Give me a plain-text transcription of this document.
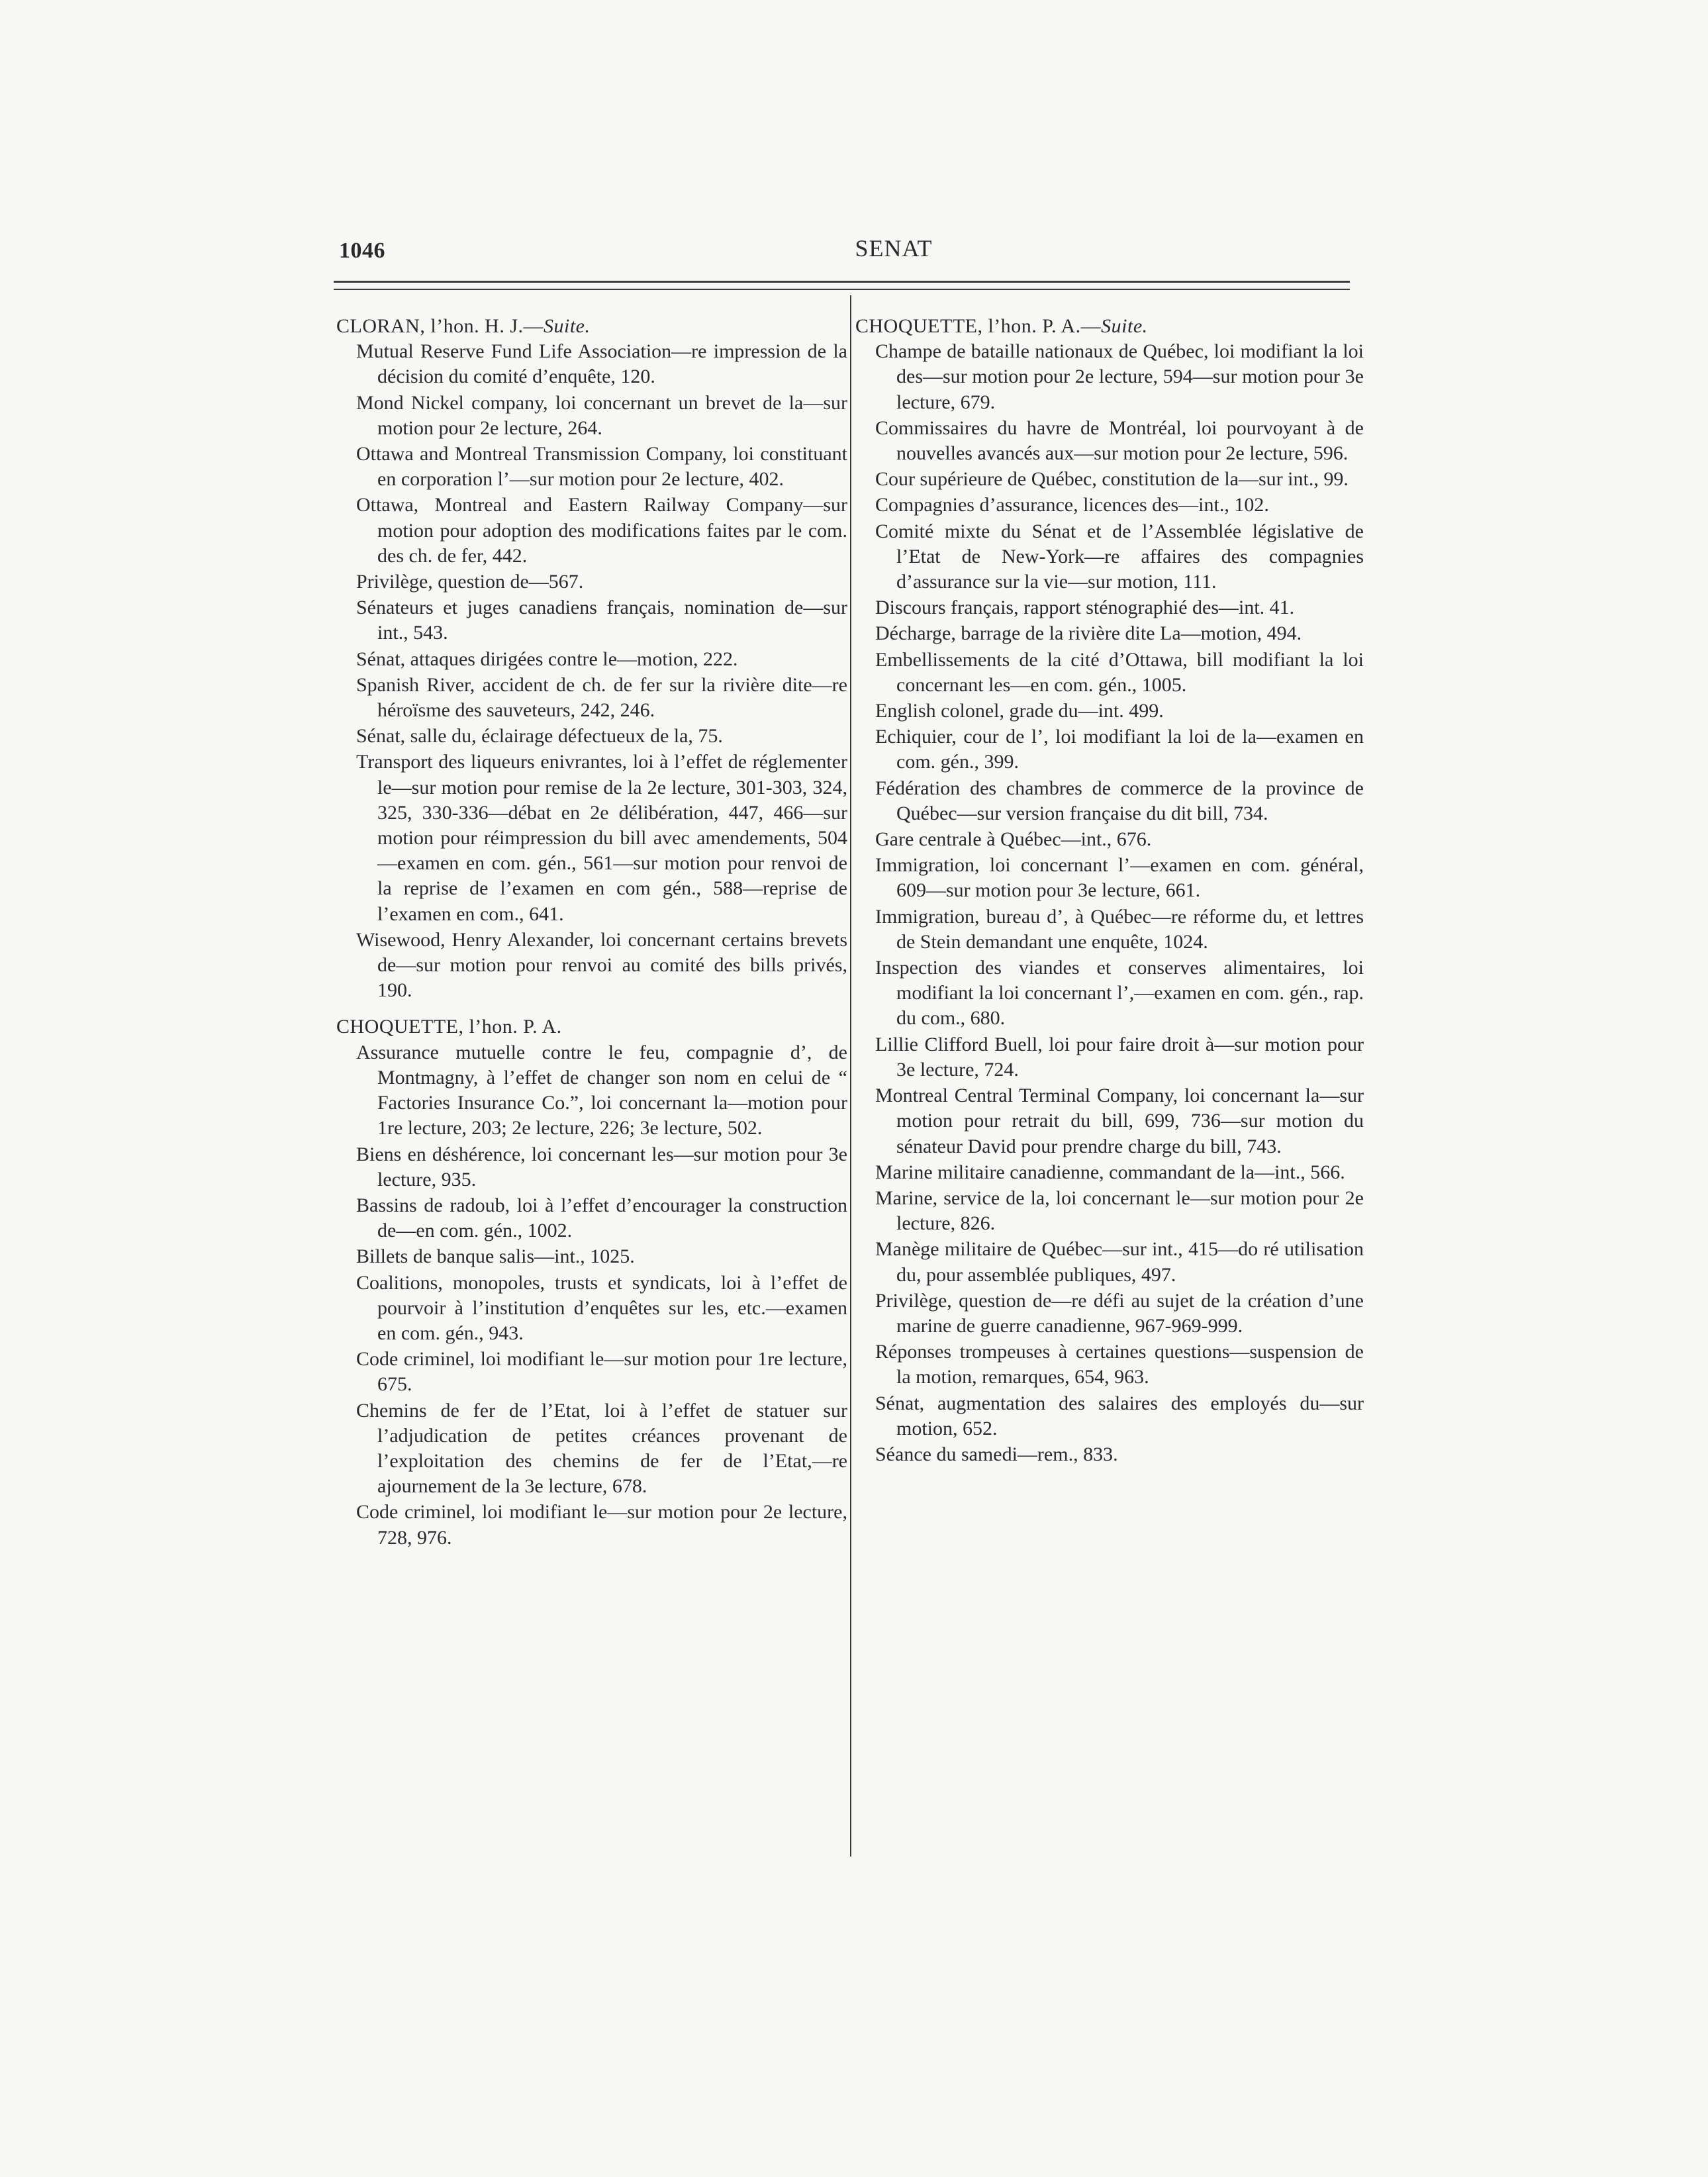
1046	SENAT

CLORAN, l’hon. H. J.—Suite.

Mutual Reserve Fund Life Association—re impression de la décision du comité d’enquête, 120.

Mond Nickel company, loi concernant un brevet de la—sur motion pour 2e lecture, 264.

Ottawa and Montreal Transmission Company, loi constituant en corporation l’—sur motion pour 2e lecture, 402.

Ottawa, Montreal and Eastern Railway Company—sur motion pour adoption des modifications faites par le com. des ch. de fer, 442.

Privilège, question de—567.

Sénateurs et juges canadiens français, nomination de—sur int., 543.

Sénat, attaques dirigées contre le—motion, 222.

Spanish River, accident de ch. de fer sur la rivière dite—re héroïsme des sauveteurs, 242, 246.

Sénat, salle du, éclairage défectueux de la, 75.

Transport des liqueurs enivrantes, loi à l’effet de réglementer le—sur motion pour remise de la 2e lecture, 301-303, 324, 325, 330-336—débat en 2e délibération, 447, 466—sur motion pour réimpression du bill avec amendements, 504—examen en com. gén., 561—sur motion pour renvoi de la reprise de l’examen en com gén., 588—reprise de l’examen en com., 641.

Wisewood, Henry Alexander, loi concernant certains brevets de—sur motion pour renvoi au comité des bills privés, 190.

CHOQUETTE, l’hon. P. A.

Assurance mutuelle contre le feu, compagnie d’, de Montmagny, à l’effet de changer son nom en celui de “ Factories Insurance Co.”, loi concernant la—motion pour 1re lecture, 203; 2e lecture, 226; 3e lecture, 502.

Biens en déshérence, loi concernant les—sur motion pour 3e lecture, 935.

Bassins de radoub, loi à l’effet d’encourager la construction de—en com. gén., 1002.

Billets de banque salis—int., 1025.

Coalitions, monopoles, trusts et syndicats, loi à l’effet de pourvoir à l’institution d’enquêtes sur les, etc.—examen en com. gén., 943.

Code criminel, loi modifiant le—sur motion pour 1re lecture, 675.

Chemins de fer de l’Etat, loi à l’effet de statuer sur l’adjudication de petites créances provenant de l’exploitation des chemins de fer de l’Etat,—re ajournement de la 3e lecture, 678.

Code criminel, loi modifiant le—sur motion pour 2e lecture, 728, 976.

CHOQUETTE, l’hon. P. A.—Suite.

Champe de bataille nationaux de Québec, loi modifiant la loi des—sur motion pour 2e lecture, 594—sur motion pour 3e lecture, 679.

Commissaires du havre de Montréal, loi pourvoyant à de nouvelles avancés aux—sur motion pour 2e lecture, 596.

Cour supérieure de Québec, constitution de la—sur int., 99.

Compagnies d’assurance, licences des—int., 102.

Comité mixte du Sénat et de l’Assemblée législative de l’Etat de New-York—re affaires des compagnies d’assurance sur la vie—sur motion, 111.

Discours français, rapport sténographié des—int. 41.

Décharge, barrage de la rivière dite La—motion, 494.

Embellissements de la cité d’Ottawa, bill modifiant la loi concernant les—en com. gén., 1005.

English colonel, grade du—int. 499.

Echiquier, cour de l’, loi modifiant la loi de la—examen en com. gén., 399.

Fédération des chambres de commerce de la province de Québec—sur version française du dit bill, 734.

Gare centrale à Québec—int., 676.

Immigration, loi concernant l’—examen en com. général, 609—sur motion pour 3e lecture, 661.

Immigration, bureau d’, à Québec—re réforme du, et lettres de Stein demandant une enquête, 1024.

Inspection des viandes et conserves alimentaires, loi modifiant la loi concernant l’,—examen en com. gén., rap. du com., 680.

Lillie Clifford Buell, loi pour faire droit à—sur motion pour 3e lecture, 724.

Montreal Central Terminal Company, loi concernant la—sur motion pour retrait du bill, 699, 736—sur motion du sénateur David pour prendre charge du bill, 743.

Marine militaire canadienne, commandant de la—int., 566.

Marine, service de la, loi concernant le—sur motion pour 2e lecture, 826.

Manège militaire de Québec—sur int., 415—do ré utilisation du, pour assemblée publiques, 497.

Privilège, question de—re défi au sujet de la création d’une marine de guerre canadienne, 967-969-999.

Réponses trompeuses à certaines questions—suspension de la motion, remarques, 654, 963.

Sénat, augmentation des salaires des employés du—sur motion, 652.

Séance du samedi—rem., 833.
